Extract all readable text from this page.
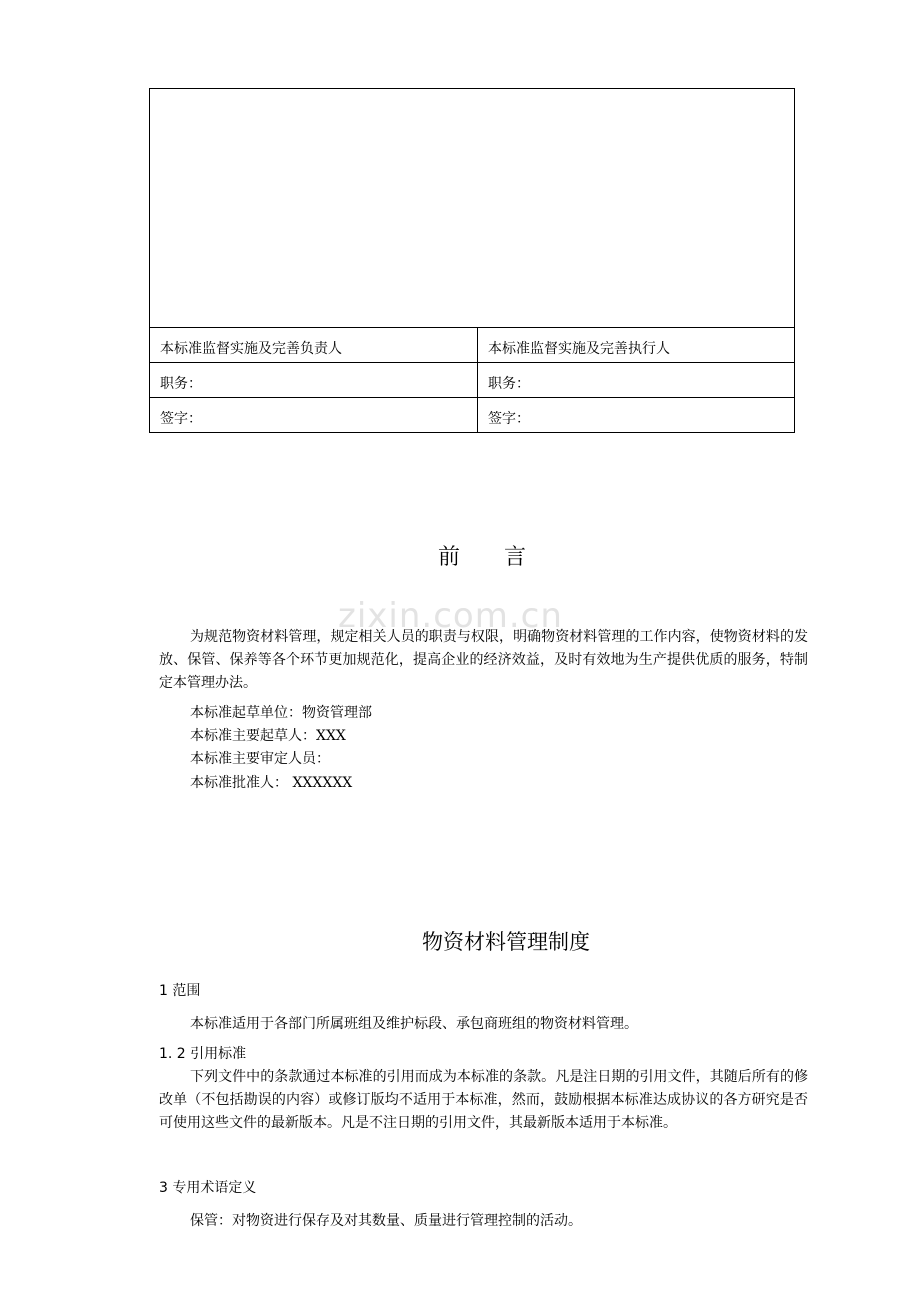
本标准监督实施及完善负责人	本标准监督实施及完善执行人
职务：	职务：
签字：	签字：
zixin.com.cn
前言
为规范物资材料管理，规定相关人员的职责与权限，明确物资材料管理的工作内容，使物资材料的发放、保管、保养等各个环节更加规范化，提高企业的经济效益，及时有效地为生产提供优质的服务，特制定本管理办法。
本标准起草单位：物资管理部
本标准主要起草人：XXX
本标准主要审定人员：
本标准批准人： XXXXXX
物资材料管理制度
1 范围
本标准适用于各部门所属班组及维护标段、承包商班组的物资材料管理。
1. 2 引用标准
下列文件中的条款通过本标准的引用而成为本标准的条款。凡是注日期的引用文件，其随后所有的修改单（不包括勘误的内容）或修订版均不适用于本标准，然而，鼓励根据本标准达成协议的各方研究是否可使用这些文件的最新版本。凡是不注日期的引用文件，其最新版本适用于本标准。
3 专用术语定义
保管：对物资进行保存及对其数量、质量进行管理控制的活动。
